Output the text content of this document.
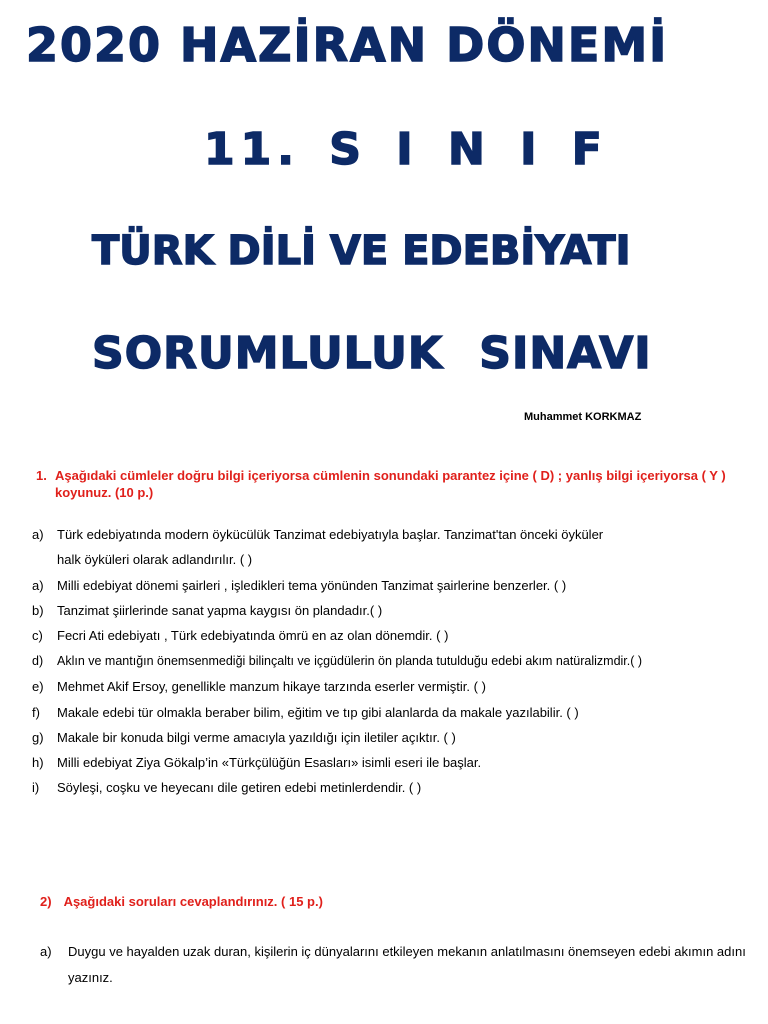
2020 HAZİRAN DÖNEMİ
11. S I N I F
TÜRK DİLİ VE EDEBİYATI
SORUMLULUK SINAVI
Muhammet KORKMAZ
1. Aşağıdaki cümleler doğru bilgi içeriyorsa cümlenin sonundaki parantez içine ( D) ; yanlış bilgi içeriyorsa ( Y ) koyunuz. (10 p.)
a) Türk edebiyatında modern öykücülük Tanzimat edebiyatıyla başlar. Tanzimat'tan önceki öyküler
halk öyküleri olarak adlandırılır. ( )
a) Milli edebiyat dönemi şairleri , işledikleri tema yönünden Tanzimat şairlerine benzerler. ( )
b) Tanzimat şiirlerinde sanat yapma kaygısı ön plandadır.( )
c) Fecri Ati edebiyatı , Türk edebiyatında ömrü en az olan dönemdir. ( )
d) Aklın ve mantığın önemsenmediği bilinçaltı ve içgüdülerin ön planda tutulduğu edebi akım natüralizmdir.( )
e) Mehmet Akif Ersoy, genellikle manzum hikaye tarzında eserler vermiştir. ( )
f) Makale edebi tür olmakla beraber bilim, eğitim ve tıp gibi alanlarda da makale yazılabilir. ( )
g) Makale bir konuda bilgi verme amacıyla yazıldığı için iletiler açıktır. ( )
h) Milli edebiyat Ziya Gökalp’in «Türkçülüğün Esasları» isimli eseri ile başlar.
i) Söyleşi, coşku ve heyecanı dile getiren edebi metinlerdendir. ( )
2) Aşağıdaki soruları cevaplandırınız. ( 15 p.)
a) Duygu ve hayalden uzak duran, kişilerin iç dünyalarını etkileyen mekanın anlatılmasını önemseyen edebi akımın adını yazınız.
